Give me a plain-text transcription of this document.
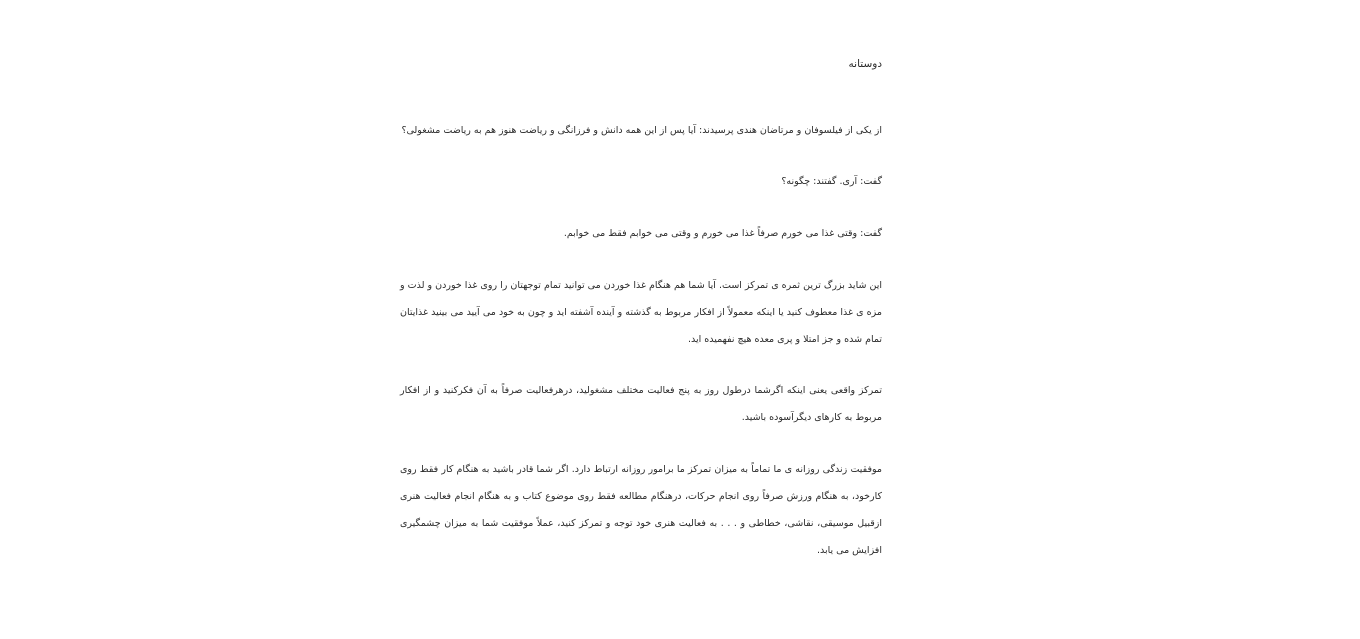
دوستانه

از یکی از فیلسوفان و مرتاضان هندی پرسیدند: آیا پس از این همه دانش و فرزانگی و ریاضت هنوز هم به ریاضت مشغولی؟

گفت: آری. گفتند: چگونه؟

گفت: وقتی غذا می خورم صرفاً غذا می خورم و وقتی می خوابم فقط می خوابم.

این شاید بزرگ ترین ثمره ی تمرکز است. آیا شما هم هنگام غذا خوردن می توانید تمام توجهتان را روی غذا خوردن و لذت و مزه ی غذا معطوف کنید یا اینکه معمولاً از افکار مربوط به گذشته و آینده آشفته اید و چون به خود می آیید می بینید غذایتان تمام شده و جز امتلا و پری معده هیچ نفهمیده اید.

تمرکز واقعی یعنی اینکه اگرشما درطول روز به پنج فعالیت مختلف مشغولید، درهرفعالیت صرفاً به آن فکرکنید و از افکار مربوط به کارهای دیگرآسوده باشید.

موفقیت زندگی روزانه ی ما تماماً به میزان تمرکز ما برامور روزانه ارتباط دارد. اگر شما قادر باشید به هنگام کار فقط روی کارخود، به هنگام ورزش صرفاً روی انجام حرکات، درهنگام مطالعه فقط روی موضوع کتاب و به هنگام انجام فعالیت هنری ازقبیل موسیقی، نقاشی، خطاطی و . . . به فعالیت هنری خود توجه و تمرکز کنید، عملاً موفقیت شما به میزان چشمگیری افزایش می یابد.
